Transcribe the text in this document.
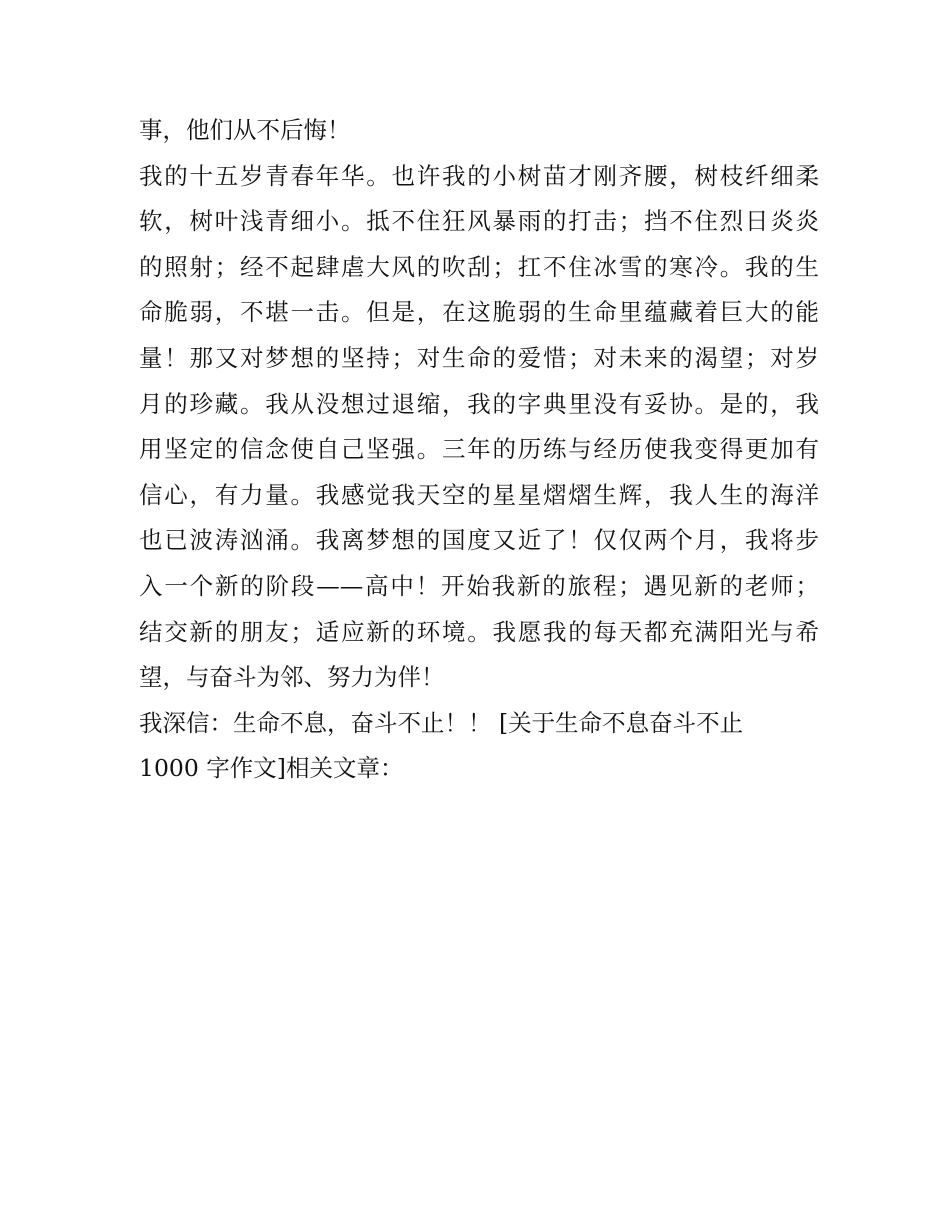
事，他们从不后悔！
我的十五岁青春年华。也许我的小树苗才刚齐腰，树枝纤细柔
软，树叶浅青细小。抵不住狂风暴雨的打击；挡不住烈日炎炎
的照射；经不起肆虐大风的吹刮；扛不住冰雪的寒冷。我的生
命脆弱，不堪一击。但是，在这脆弱的生命里蕴藏着巨大的能
量！那又对梦想的坚持；对生命的爱惜；对未来的渴望；对岁
月的珍藏。我从没想过退缩，我的字典里没有妥协。是的，我
用坚定的信念使自己坚强。三年的历练与经历使我变得更加有
信心，有力量。我感觉我天空的星星熠熠生辉，我人生的海洋
也已波涛汹涌。我离梦想的国度又近了！仅仅两个月，我将步
入一个新的阶段——高中！开始我新的旅程；遇见新的老师；
结交新的朋友；适应新的环境。我愿我的每天都充满阳光与希
望，与奋斗为邻、努力为伴！
我深信：生命不息，奋斗不止！！ [关于生命不息奋斗不止
1000 字作文]相关文章：
